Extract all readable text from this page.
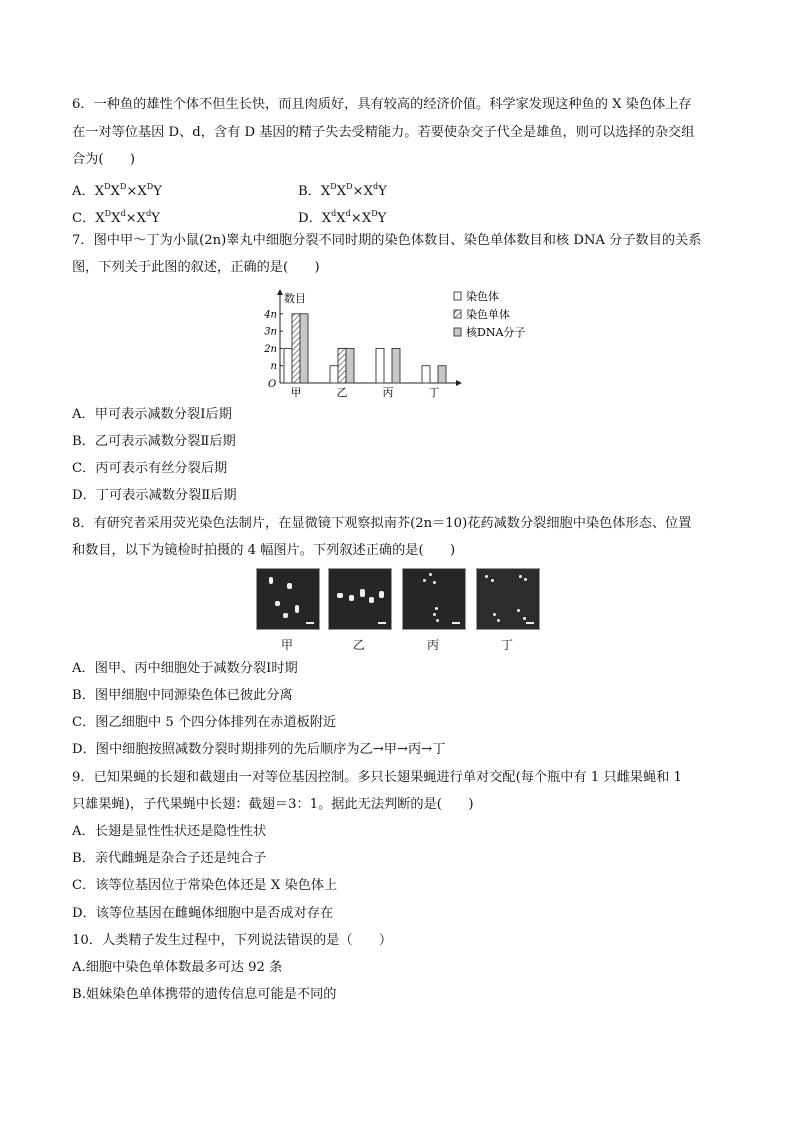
6．一种鱼的雄性个体不但生长快，而且肉质好，具有较高的经济价值。科学家发现这种鱼的 X 染色体上存
在一对等位基因 D、d，含有 D 基因的精子失去受精能力。若要使杂交子代全是雄鱼，则可以选择的杂交组
合为(　　)
A．$X^DX^D\times X^DY$	B．$X^DX^D\times X^dY$
C．$X^DX^d\times X^dY$	D．$X^dX^d\times X^DY$
7．图中甲～丁为小鼠(2n)睾丸中细胞分裂不同时期的染色体数目、染色单体数目和核 DNA 分子数目的关系
图，下列关于此图的叙述，正确的是(　　)
数目
O
n
2n
3n
4n
甲	乙	丙	丁
染色体
染色单体
核DNA分子
A．甲可表示减数分裂Ⅰ后期
B．乙可表示减数分裂Ⅱ后期
C．丙可表示有丝分裂后期
D．丁可表示减数分裂Ⅱ后期
8．有研究者采用荧光染色法制片，在显微镜下观察拟南芥(2n＝10)花药减数分裂细胞中染色体形态、位置
和数目，以下为镜检时拍摄的 4 幅图片。下列叙述正确的是(　　)
甲	乙	丙	丁
A．图甲、丙中细胞处于减数分裂Ⅰ时期
B．图甲细胞中同源染色体已彼此分离
C．图乙细胞中 5 个四分体排列在赤道板附近
D．图中细胞按照减数分裂时期排列的先后顺序为乙→甲→丙→丁
9．已知果蝇的长翅和截翅由一对等位基因控制。多只长翅果蝇进行单对交配(每个瓶中有 1 只雌果蝇和 1
只雄果蝇)，子代果蝇中长翅：截翅＝3：1。据此无法判断的是(　　)
A．长翅是显性性状还是隐性性状
B．亲代雌蝇是杂合子还是纯合子
C．该等位基因位于常染色体还是 X 染色体上
D．该等位基因在雌蝇体细胞中是否成对存在
10．人类精子发生过程中，下列说法错误的是（　　）
A.细胞中染色单体数最多可达 92 条
B.姐妹染色单体携带的遗传信息可能是不同的
